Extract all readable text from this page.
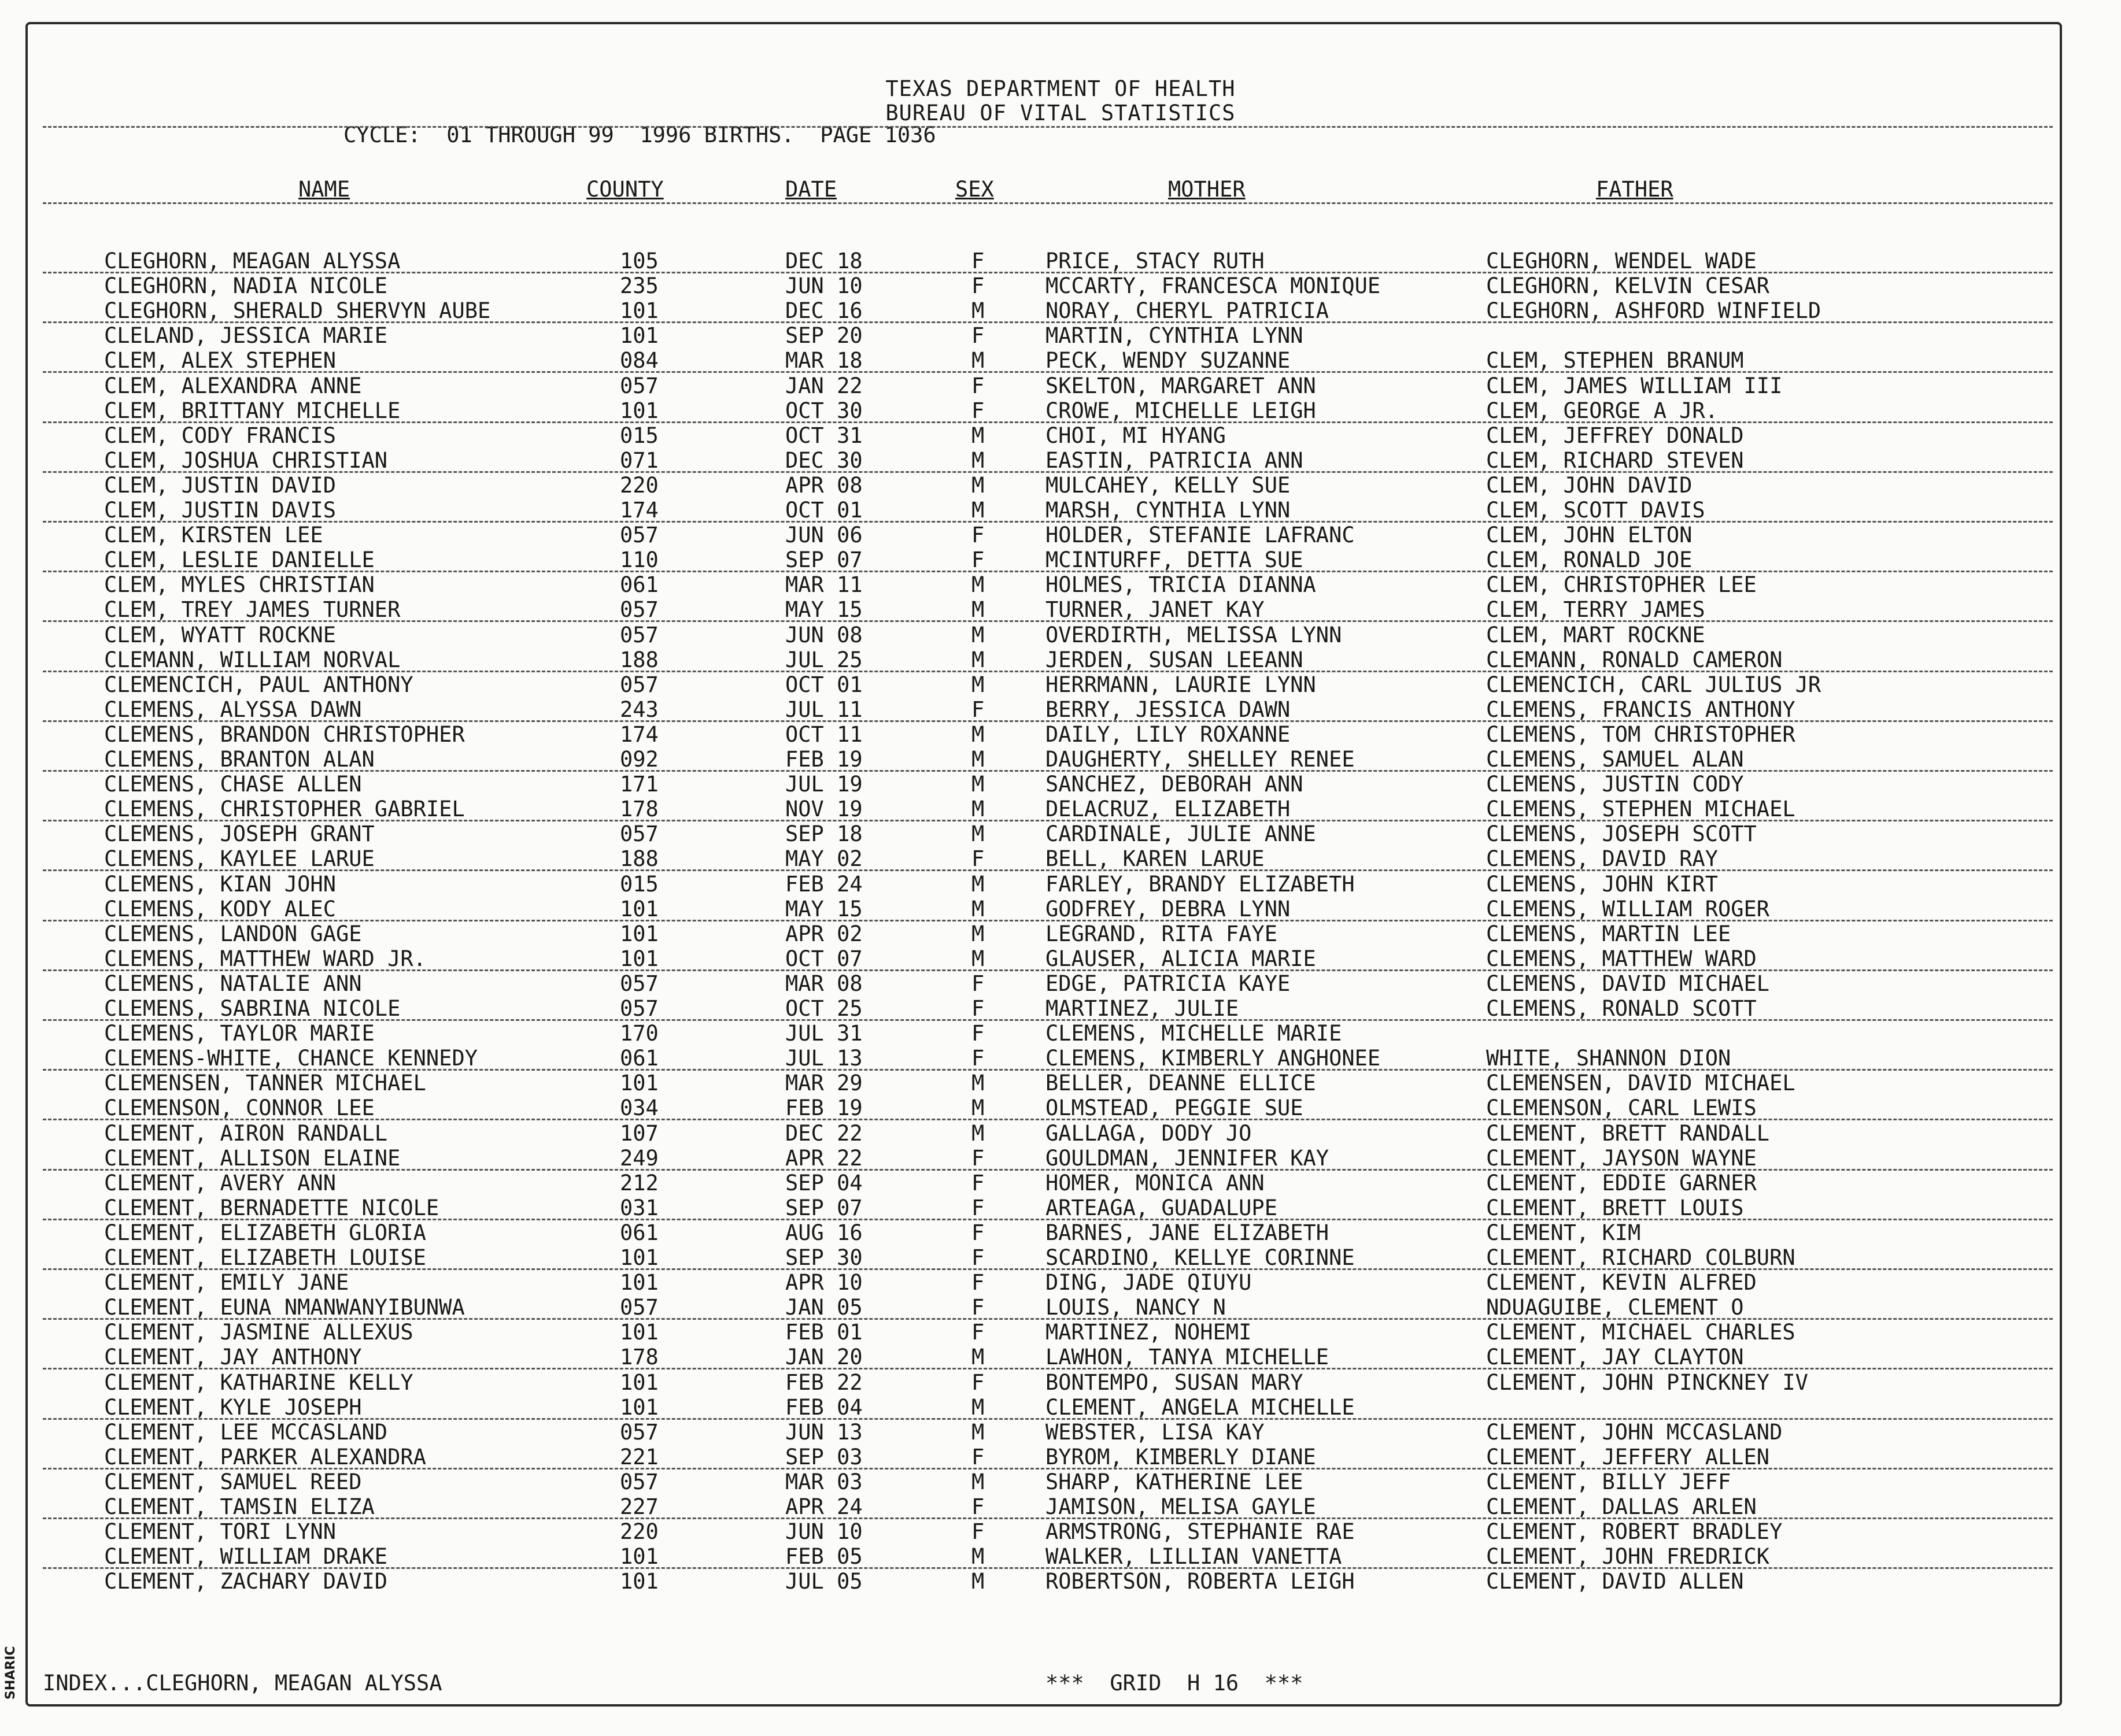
TEXAS DEPARTMENT OF HEALTH
BUREAU OF VITAL STATISTICS
CYCLE:  01 THROUGH 99  1996 BIRTHS.  PAGE 1036
NAME	COUNTY	DATE	SEX	MOTHER	FATHER
CLEGHORN, MEAGAN ALYSSA	105	DEC 18	F	PRICE, STACY RUTH	CLEGHORN, WENDEL WADE
CLEGHORN, NADIA NICOLE	235	JUN 10	F	MCCARTY, FRANCESCA MONIQUE	CLEGHORN, KELVIN CESAR
CLEGHORN, SHERALD SHERVYN AUBE	101	DEC 16	M	NORAY, CHERYL PATRICIA	CLEGHORN, ASHFORD WINFIELD
CLELAND, JESSICA MARIE	101	SEP 20	F	MARTIN, CYNTHIA LYNN
CLEM, ALEX STEPHEN	084	MAR 18	M	PECK, WENDY SUZANNE	CLEM, STEPHEN BRANUM
CLEM, ALEXANDRA ANNE	057	JAN 22	F	SKELTON, MARGARET ANN	CLEM, JAMES WILLIAM III
CLEM, BRITTANY MICHELLE	101	OCT 30	F	CROWE, MICHELLE LEIGH	CLEM, GEORGE A JR.
CLEM, CODY FRANCIS	015	OCT 31	M	CHOI, MI HYANG	CLEM, JEFFREY DONALD
CLEM, JOSHUA CHRISTIAN	071	DEC 30	M	EASTIN, PATRICIA ANN	CLEM, RICHARD STEVEN
CLEM, JUSTIN DAVID	220	APR 08	M	MULCAHEY, KELLY SUE	CLEM, JOHN DAVID
CLEM, JUSTIN DAVIS	174	OCT 01	M	MARSH, CYNTHIA LYNN	CLEM, SCOTT DAVIS
CLEM, KIRSTEN LEE	057	JUN 06	F	HOLDER, STEFANIE LAFRANC	CLEM, JOHN ELTON
CLEM, LESLIE DANIELLE	110	SEP 07	F	MCINTURFF, DETTA SUE	CLEM, RONALD JOE
CLEM, MYLES CHRISTIAN	061	MAR 11	M	HOLMES, TRICIA DIANNA	CLEM, CHRISTOPHER LEE
CLEM, TREY JAMES TURNER	057	MAY 15	M	TURNER, JANET KAY	CLEM, TERRY JAMES
CLEM, WYATT ROCKNE	057	JUN 08	M	OVERDIRTH, MELISSA LYNN	CLEM, MART ROCKNE
CLEMANN, WILLIAM NORVAL	188	JUL 25	M	JERDEN, SUSAN LEEANN	CLEMANN, RONALD CAMERON
CLEMENCICH, PAUL ANTHONY	057	OCT 01	M	HERRMANN, LAURIE LYNN	CLEMENCICH, CARL JULIUS JR
CLEMENS, ALYSSA DAWN	243	JUL 11	F	BERRY, JESSICA DAWN	CLEMENS, FRANCIS ANTHONY
CLEMENS, BRANDON CHRISTOPHER	174	OCT 11	M	DAILY, LILY ROXANNE	CLEMENS, TOM CHRISTOPHER
CLEMENS, BRANTON ALAN	092	FEB 19	M	DAUGHERTY, SHELLEY RENEE	CLEMENS, SAMUEL ALAN
CLEMENS, CHASE ALLEN	171	JUL 19	M	SANCHEZ, DEBORAH ANN	CLEMENS, JUSTIN CODY
CLEMENS, CHRISTOPHER GABRIEL	178	NOV 19	M	DELACRUZ, ELIZABETH	CLEMENS, STEPHEN MICHAEL
CLEMENS, JOSEPH GRANT	057	SEP 18	M	CARDINALE, JULIE ANNE	CLEMENS, JOSEPH SCOTT
CLEMENS, KAYLEE LARUE	188	MAY 02	F	BELL, KAREN LARUE	CLEMENS, DAVID RAY
CLEMENS, KIAN JOHN	015	FEB 24	M	FARLEY, BRANDY ELIZABETH	CLEMENS, JOHN KIRT
CLEMENS, KODY ALEC	101	MAY 15	M	GODFREY, DEBRA LYNN	CLEMENS, WILLIAM ROGER
CLEMENS, LANDON GAGE	101	APR 02	M	LEGRAND, RITA FAYE	CLEMENS, MARTIN LEE
CLEMENS, MATTHEW WARD JR.	101	OCT 07	M	GLAUSER, ALICIA MARIE	CLEMENS, MATTHEW WARD
CLEMENS, NATALIE ANN	057	MAR 08	F	EDGE, PATRICIA KAYE	CLEMENS, DAVID MICHAEL
CLEMENS, SABRINA NICOLE	057	OCT 25	F	MARTINEZ, JULIE	CLEMENS, RONALD SCOTT
CLEMENS, TAYLOR MARIE	170	JUL 31	F	CLEMENS, MICHELLE MARIE
CLEMENS-WHITE, CHANCE KENNEDY	061	JUL 13	F	CLEMENS, KIMBERLY ANGHONEE	WHITE, SHANNON DION
CLEMENSEN, TANNER MICHAEL	101	MAR 29	M	BELLER, DEANNE ELLICE	CLEMENSEN, DAVID MICHAEL
CLEMENSON, CONNOR LEE	034	FEB 19	M	OLMSTEAD, PEGGIE SUE	CLEMENSON, CARL LEWIS
CLEMENT, AIRON RANDALL	107	DEC 22	M	GALLAGA, DODY JO	CLEMENT, BRETT RANDALL
CLEMENT, ALLISON ELAINE	249	APR 22	F	GOULDMAN, JENNIFER KAY	CLEMENT, JAYSON WAYNE
CLEMENT, AVERY ANN	212	SEP 04	F	HOMER, MONICA ANN	CLEMENT, EDDIE GARNER
CLEMENT, BERNADETTE NICOLE	031	SEP 07	F	ARTEAGA, GUADALUPE	CLEMENT, BRETT LOUIS
CLEMENT, ELIZABETH GLORIA	061	AUG 16	F	BARNES, JANE ELIZABETH	CLEMENT, KIM
CLEMENT, ELIZABETH LOUISE	101	SEP 30	F	SCARDINO, KELLYE CORINNE	CLEMENT, RICHARD COLBURN
CLEMENT, EMILY JANE	101	APR 10	F	DING, JADE QIUYU	CLEMENT, KEVIN ALFRED
CLEMENT, EUNA NMANWANYIBUNWA	057	JAN 05	F	LOUIS, NANCY N	NDUAGUIBE, CLEMENT O
CLEMENT, JASMINE ALLEXUS	101	FEB 01	F	MARTINEZ, NOHEMI	CLEMENT, MICHAEL CHARLES
CLEMENT, JAY ANTHONY	178	JAN 20	M	LAWHON, TANYA MICHELLE	CLEMENT, JAY CLAYTON
CLEMENT, KATHARINE KELLY	101	FEB 22	F	BONTEMPO, SUSAN MARY	CLEMENT, JOHN PINCKNEY IV
CLEMENT, KYLE JOSEPH	101	FEB 04	M	CLEMENT, ANGELA MICHELLE
CLEMENT, LEE MCCASLAND	057	JUN 13	M	WEBSTER, LISA KAY	CLEMENT, JOHN MCCASLAND
CLEMENT, PARKER ALEXANDRA	221	SEP 03	F	BYROM, KIMBERLY DIANE	CLEMENT, JEFFERY ALLEN
CLEMENT, SAMUEL REED	057	MAR 03	M	SHARP, KATHERINE LEE	CLEMENT, BILLY JEFF
CLEMENT, TAMSIN ELIZA	227	APR 24	F	JAMISON, MELISA GAYLE	CLEMENT, DALLAS ARLEN
CLEMENT, TORI LYNN	220	JUN 10	F	ARMSTRONG, STEPHANIE RAE	CLEMENT, ROBERT BRADLEY
CLEMENT, WILLIAM DRAKE	101	FEB 05	M	WALKER, LILLIAN VANETTA	CLEMENT, JOHN FREDRICK
CLEMENT, ZACHARY DAVID	101	JUL 05	M	ROBERTSON, ROBERTA LEIGH	CLEMENT, DAVID ALLEN
INDEX...CLEGHORN, MEAGAN ALYSSA	***  GRID  H 16  ***
SHARIC
